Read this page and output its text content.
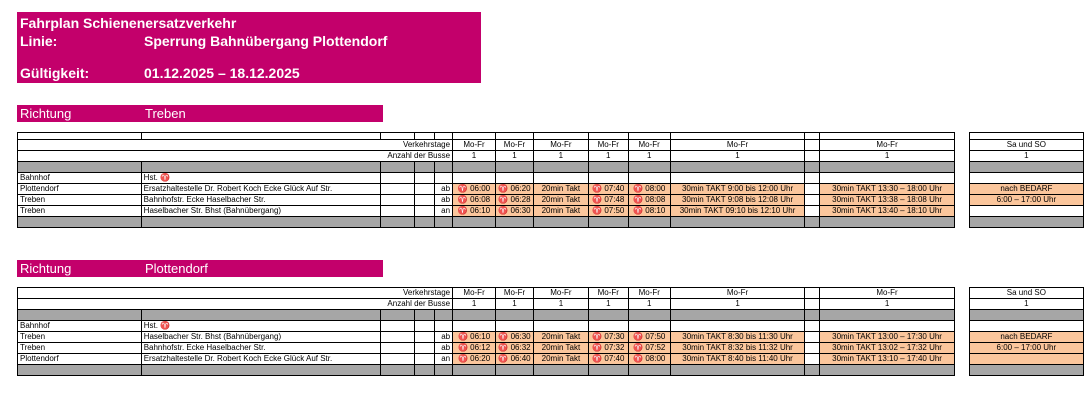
Fahrplan Schienenersatzverkehr
Linie:	Sperrung Bahnübergang Plottendorf
Gültigkeit:	01.12.2025 – 18.12.2025
Richtung	Treben

Verkehrstage					Mo-Fr	Mo-Fr	Mo-Fr	Mo-Fr	Mo-Fr	Mo-Fr		Mo-Fr		Sa und SO
Anzahl der Busse					1	1	1	1	1	1		1		1

Bahnhof	Hst. ♈													
Plottendorf	Ersatzhaltestelle Dr. Robert Koch Ecke Glück Auf Str.			ab	♈ 06:00	♈ 06:20	20min Takt	♈ 07:40	♈ 08:00	30min TAKT 9:00 bis 12:00 Uhr		30min TAKT 13:30 – 18:00 Uhr		nach BEDARF
Treben	Bahnhofstr. Ecke Haselbacher Str.			ab	♈ 06:08	♈ 06:28	20min Takt	♈ 07:48	♈ 08:08	30min TAKT 9:08 bis 12:08 Uhr		30min TAKT 13:38 – 18:08 Uhr		6:00 – 17:00 Uhr
Treben	Haselbacher Str. Bhst (Bahnübergang)			an	♈ 06:10	♈ 06:30	20min Takt	♈ 07:50	♈ 08:10	30min TAKT 09:10 bis 12:10 Uhr		30min TAKT 13:40 – 18:10 Uhr		

Richtung	Plottendorf
Verkehrstage					Mo-Fr	Mo-Fr	Mo-Fr	Mo-Fr	Mo-Fr	Mo-Fr		Mo-Fr		Sa und SO
Anzahl der Busse					1	1	1	1	1	1		1		1

Bahnhof	Hst. ♈													
Treben	Haselbacher Str. Bhst (Bahnübergang)			ab	♈ 06:10	♈ 06:30	20min Takt	♈ 07:30	♈ 07:50	30min TAKT 8:30 bis 11:30 Uhr		30min TAKT 13:00 – 17:30 Uhr		nach BEDARF
Treben	Bahnhofstr. Ecke Haselbacher Str.			ab	♈ 06:12	♈ 06:32	20min Takt	♈ 07:32	♈ 07:52	30min TAKT 8:32 bis 11:32 Uhr		30min TAKT 13:02 – 17:32 Uhr		6:00 – 17:00 Uhr
Plottendorf	Ersatzhaltestelle Dr. Robert Koch Ecke Glück Auf Str.			an	♈ 06:20	♈ 06:40	20min Takt	♈ 07:40	♈ 08:00	30min TAKT 8:40 bis 11:40 Uhr		30min TAKT 13:10 – 17:40 Uhr		
